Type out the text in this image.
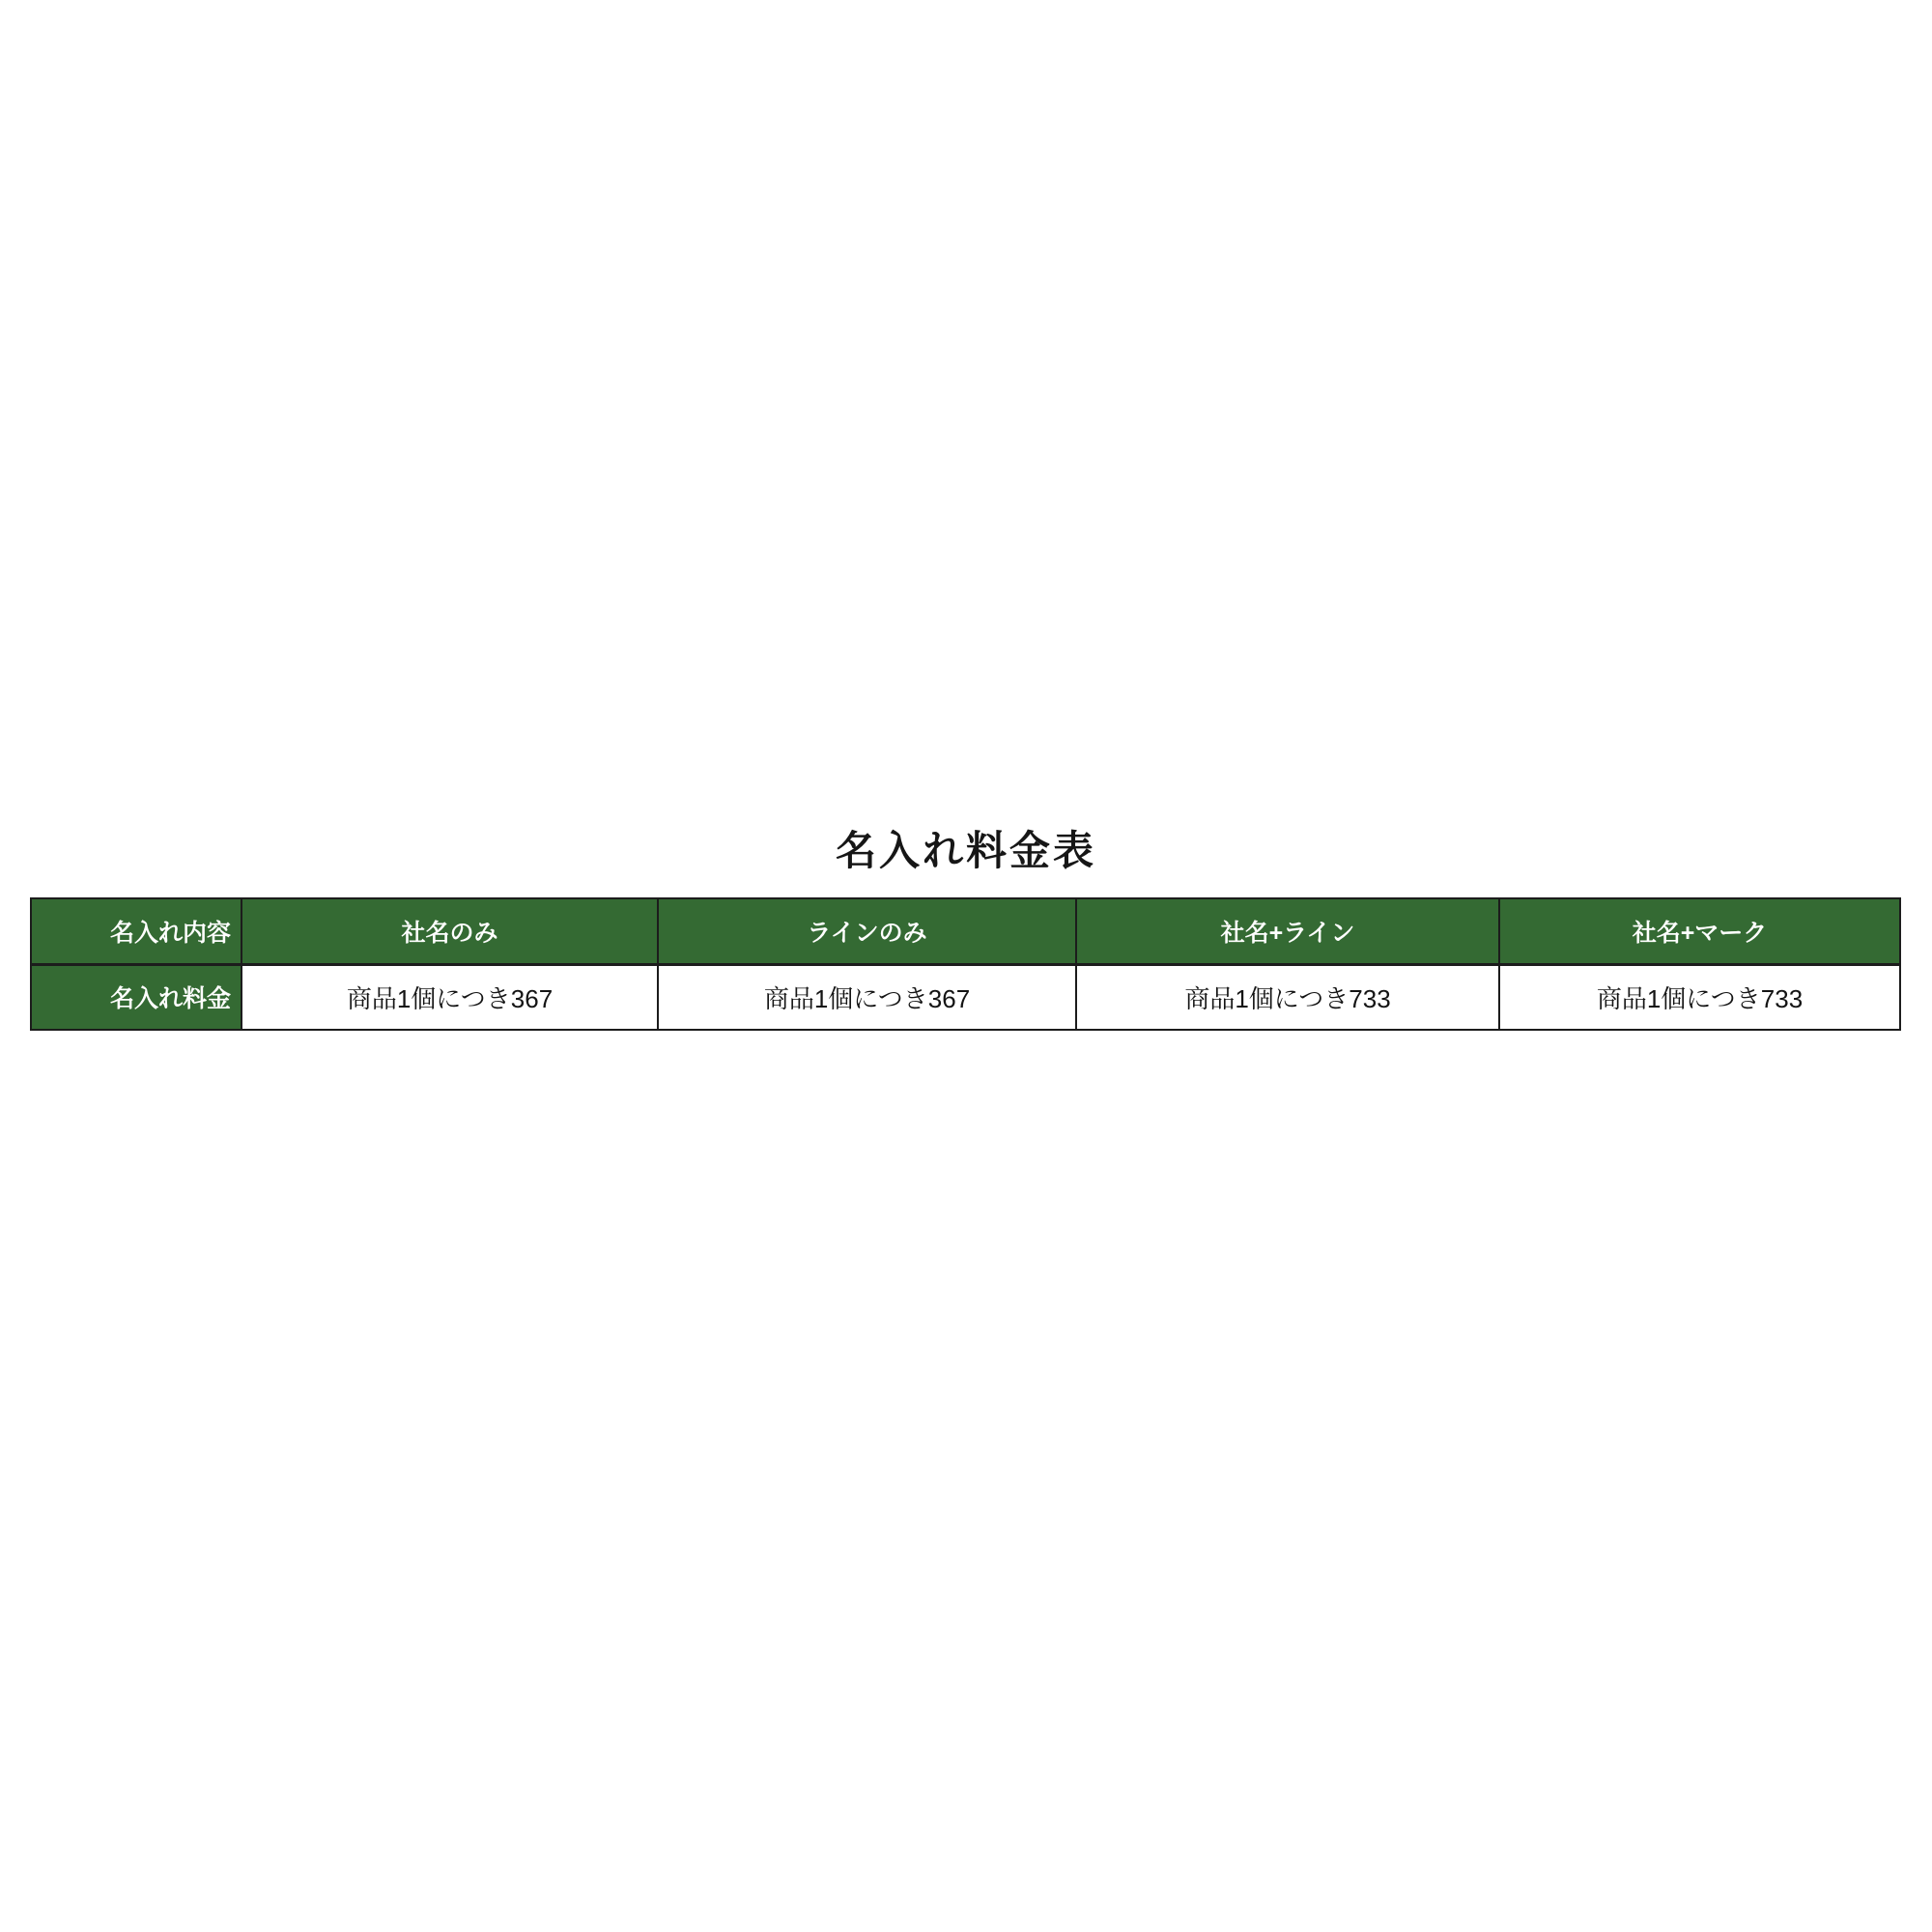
名入れ料金表
名入れ内容	社名のみ	ラインのみ	社名+ライン	社名+マーク
名入れ料金	商品1個につき367	商品1個につき367	商品1個につき733	商品1個につき733
